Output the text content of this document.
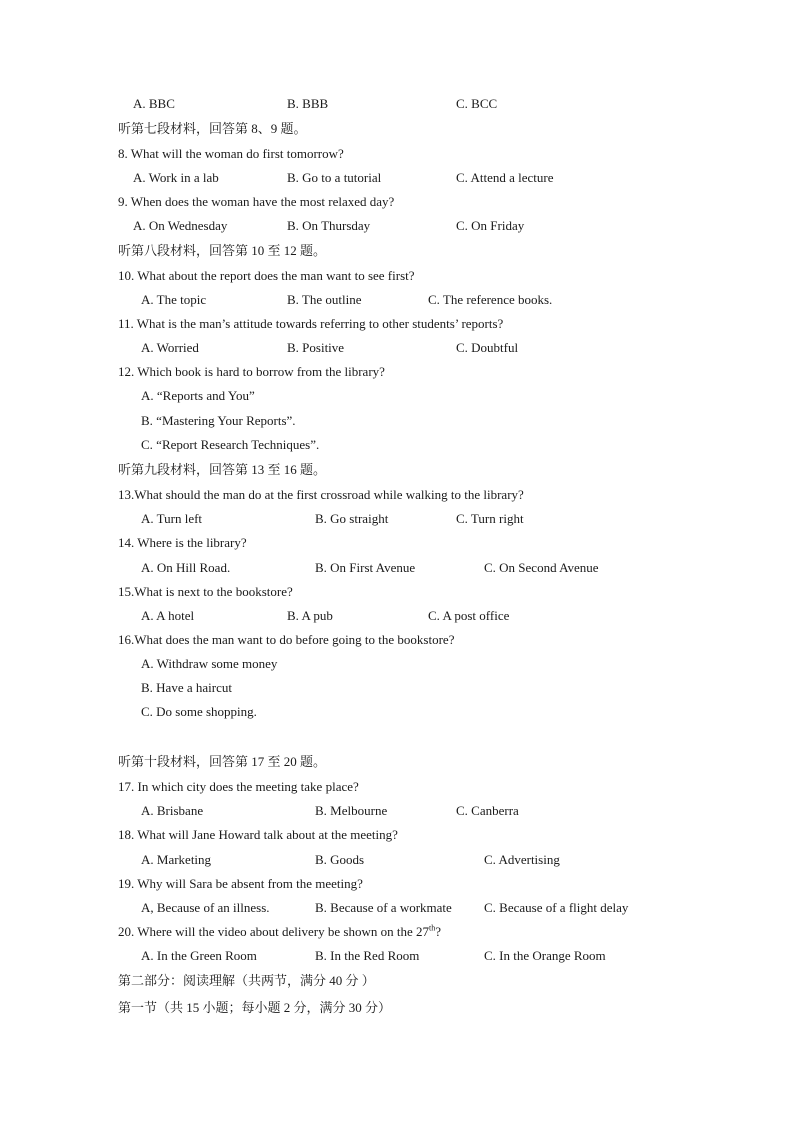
A. BBC	B. BBB	C. BCC
听第七段材料，回答第 8、9 题。
8. What will the woman do first tomorrow?
A. Work in a lab	B. Go to a tutorial	C. Attend a lecture
9. When does the woman have the most relaxed day?
A. On Wednesday	B. On Thursday	C. On Friday
听第八段材料，回答第 10 至 12 题。
10. What about the report does the man want to see first?
A. The topic	B. The outline	C. The reference books.
11. What is the man’s attitude towards referring to other students’ reports?
A. Worried	B. Positive	C. Doubtful
12. Which book is hard to borrow from the library?
A. “Reports and You”
B. “Mastering Your Reports”.
C. “Report Research Techniques”.
听第九段材料，回答第 13 至 16 题。
13.What should the man do at the first crossroad while walking to the library?
A. Turn left	B. Go straight	C. Turn right
14. Where is the library?
A. On Hill Road.	B. On First Avenue	C. On Second Avenue
15.What is next to the bookstore?
A. A hotel	B. A pub	C. A post office
16.What does the man want to do before going to the bookstore?
A. Withdraw some money
B. Have a haircut
C. Do some shopping.
听第十段材料，回答第 17 至 20 题。
17. In which city does the meeting take place?
A. Brisbane	B. Melbourne	C. Canberra
18. What will Jane Howard talk about at the meeting?
A. Marketing	B. Goods	C. Advertising
19. Why will Sara be absent from the meeting?
A, Because of an illness.	B. Because of a workmate C. Because of a flight delay
20. Where will the video about delivery be shown on the 27th?
A. In the Green Room	B. In the Red Room	C. In the Orange Room
第二部分：阅读理解（共两节，满分 40 分 ）
第一节（共 15 小题；每小题 2 分，满分 30 分）
